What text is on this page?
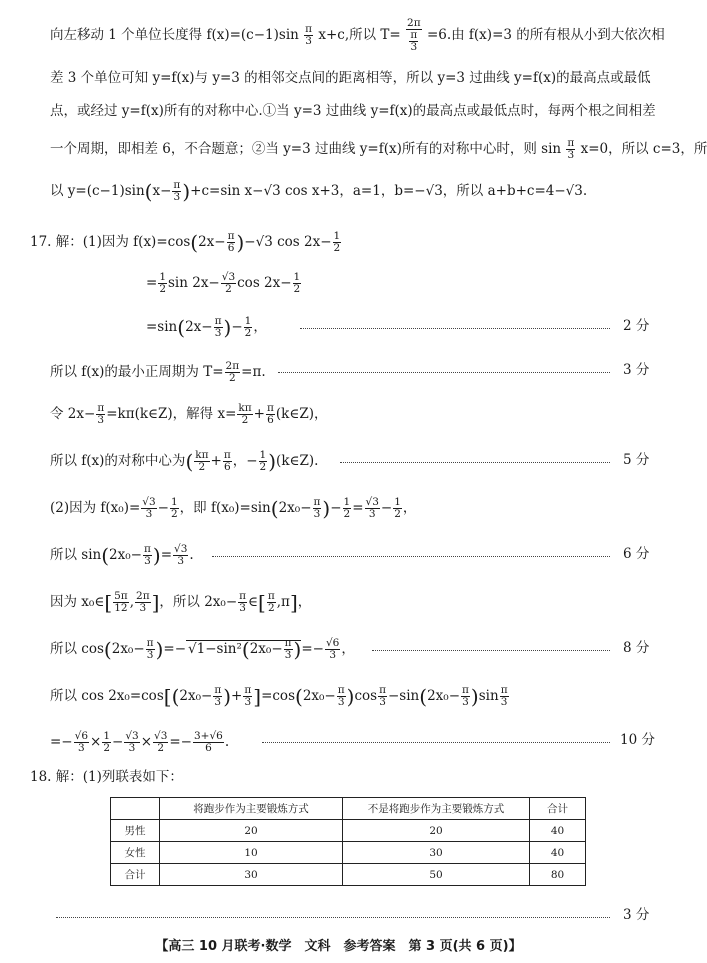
向左移动 1 个单位长度得 $f(x)=(c-1)\sin \frac{\pi}{3} x+c$,所以 $T= \frac{2\pi}{\frac{\pi}{3}} =6$.由 f(x)=3 的所有根从小到大依次相
差 3 个单位可知 y=f(x)与 y=3 的相邻交点间的距离相等，所以 y=3 过曲线 y=f(x)的最高点或最低
点，或经过 y=f(x)所有的对称中心.①当 y=3 过曲线 y=f(x)的最高点或最低点时，每两个根之间相差
一个周期，即相差 6，不合题意；②当 y=3 过曲线 y=f(x)所有的对称中心时，则 $\sin \frac{\pi}{3} x=0$，所以 c=3，所
以 $y=(c-1)\sin(x- \frac{\pi}{3} )+c=\sin$ x−√3 cos x+3，a=1，b=−√3，所以 a+b+c=4−√3.
17. 解：(1)因为 $f(x)=\cos(2x- \frac{\pi}{6} )-√3$ $\cos 2x- \frac{1}{2}$
= $\frac{1}{2}$ $\sin 2x- \frac{√3}{2}$ $\cos 2x- \frac{1}{2}$
$=\sin(2x- \frac{\pi}{3}$ )− $\frac{1}{2}$ ，	2 分
所以 f(x)的最小正周期为 $T= \frac{2\pi}{2} =\pi$.	3 分
令 $2x- \frac{\pi}{3}$ =kπ(k∈Z)，解得 $x= \frac{k\pi}{2} + \frac{\pi}{6}$ (k∈Z)，
所以 f(x)的对称中心为( $\frac{k\pi}{2} + \frac{\pi}{6}$ ，− $\frac{1}{2}$ )(k∈Z).	5 分
(2)因为 $f(x_0)= \frac{√3}{3} - \frac{1}{2}$ ，即 $f(x_0)=\sin(2x_0- \frac{\pi}{3}$ )− $\frac{1}{2} = \frac{√3}{3} - \frac{1}{2}$ ，
所以 $\sin(2x_0- \frac{\pi}{3}$ )= $\frac{√3}{3}$ .	6 分
因为 x₀∈[ $\frac{5\pi}{12}$ , $\frac{2\pi}{3}$ ]，所以 $2x_0- \frac{\pi}{3}$ ∈[ $\frac{\pi}{2} ,\pi$]，
所以 $\cos(2x_0- \frac{\pi}{3}$ )=− $√1-\sin^2(2x_0- \frac{\pi}{3}$ )=− $\frac{√6}{3}$ ，	8 分
所以 $\cos 2x_0=\cos[(2x_0- \frac{\pi}{3}$ )+ $\frac{\pi}{3} ]=\cos(2x_0- \frac{\pi}{3} )\cos \frac{\pi}{3} -\sin(2x_0- \frac{\pi}{3} )\sin \frac{\pi}{3}$
=− $\frac{√6}{3} \times \frac{1}{2} - \frac{√3}{3} \times \frac{√3}{2} =- \frac{3+√6}{6}$ .	10 分
18. 解：(1)列联表如下：
	将跑步作为主要锻炼方式	不是将跑步作为主要锻炼方式	合计
男性	20	20	40
女性	10	30	40
合计	30	50	80
3 分
【高三 10 月联考·数学　文科　参考答案　第 3 页(共 6 页)】
